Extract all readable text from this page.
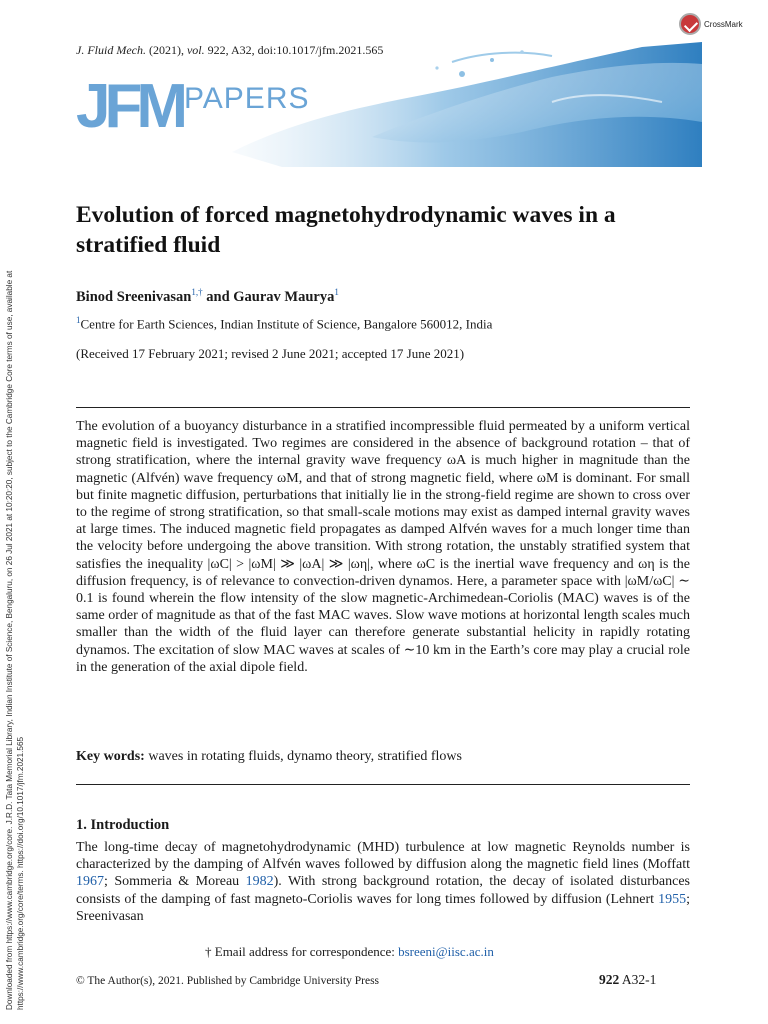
Downloaded from https://www.cambridge.org/core. J.R.D. Tata Memorial Library, Indian Institute of Science, Bengaluru, on 26 Jul 2021 at 10:20:20, subject to the Cambridge Core terms of use, available at https://www.cambridge.org/core/terms. https://doi.org/10.1017/jfm.2021.565
J. Fluid Mech. (2021), vol. 922, A32, doi:10.1017/jfm.2021.565
CrossMark
JFM PAPERS
Evolution of forced magnetohydrodynamic waves in a stratified fluid
Binod Sreenivasan$^{1,\dagger}$ and Gaurav Maurya$^1$
$^1$Centre for Earth Sciences, Indian Institute of Science, Bangalore 560012, India
(Received 17 February 2021; revised 2 June 2021; accepted 17 June 2021)
The evolution of a buoyancy disturbance in a stratified incompressible fluid permeated by a uniform vertical magnetic field is investigated. Two regimes are considered in the absence of background rotation – that of strong stratification, where the internal gravity wave frequency ωA is much higher in magnitude than the magnetic (Alfvén) wave frequency ωM, and that of strong magnetic field, where ωM is dominant. For small but finite magnetic diffusion, perturbations that initially lie in the strong-field regime are shown to cross over to the regime of strong stratification, so that small-scale motions may exist as damped internal gravity waves at large times. The induced magnetic field propagates as damped Alfvén waves for a much longer time than the velocity before undergoing the above transition. With strong rotation, the unstably stratified system that satisfies the inequality |ωC| > |ωM| ≫ |ωA| ≫ |ωη|, where ωC is the inertial wave frequency and ωη is the diffusion frequency, is of relevance to convection-driven dynamos. Here, a parameter space with |ωM/ωC| ∼ 0.1 is found wherein the flow intensity of the slow magnetic-Archimedean-Coriolis (MAC) waves is of the same order of magnitude as that of the fast MAC waves. Slow wave motions at horizontal length scales much smaller than the width of the fluid layer can therefore generate substantial helicity in rapidly rotating dynamos. The excitation of slow MAC waves at scales of ∼10 km in the Earth’s core may play a crucial role in the generation of the axial dipole field.
Key words: waves in rotating fluids, dynamo theory, stratified flows
1. Introduction
The long-time decay of magnetohydrodynamic (MHD) turbulence at low magnetic Reynolds number is characterized by the damping of Alfvén waves followed by diffusion along the magnetic field lines (Moffatt 1967; Sommeria & Moreau 1982). With strong background rotation, the decay of isolated disturbances consists of the damping of fast magneto-Coriolis waves for long times followed by diffusion (Lehnert 1955; Sreenivasan
† Email address for correspondence: bsreeni@iisc.ac.in
© The Author(s), 2021. Published by Cambridge University Press	922 A32-1
